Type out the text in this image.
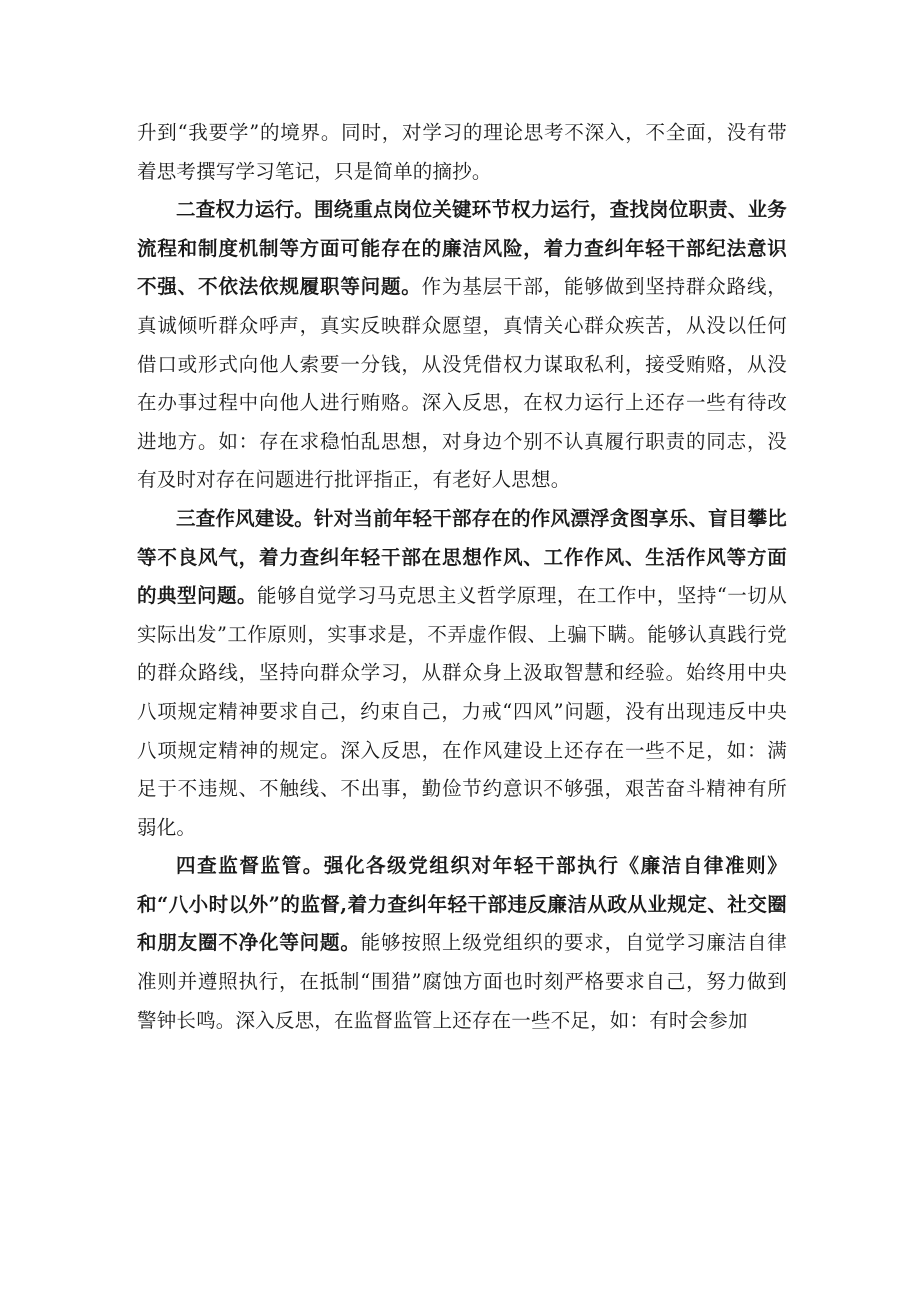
升到“我要学”的境界。同时，对学习的理论思考不深入，不全面，没有带着思考撰写学习笔记，只是简单的摘抄。

二查权力运行。围绕重点岗位关键环节权力运行，查找岗位职责、业务流程和制度机制等方面可能存在的廉洁风险，着力查纠年轻干部纪法意识不强、不依法依规履职等问题。作为基层干部，能够做到坚持群众路线，真诚倾听群众呼声，真实反映群众愿望，真情关心群众疾苦，从没以任何借口或形式向他人索要一分钱，从没凭借权力谋取私利，接受贿赂，从没在办事过程中向他人进行贿赂。深入反思，在权力运行上还存一些有待改进地方。如：存在求稳怕乱思想，对身边个别不认真履行职责的同志，没有及时对存在问题进行批评指正，有老好人思想。

三查作风建设。针对当前年轻干部存在的作风漂浮贪图享乐、盲目攀比等不良风气，着力查纠年轻干部在思想作风、工作作风、生活作风等方面的典型问题。能够自觉学习马克思主义哲学原理，在工作中，坚持“一切从实际出发”工作原则，实事求是，不弄虚作假、上骗下瞒。能够认真践行党的群众路线，坚持向群众学习，从群众身上汲取智慧和经验。始终用中央八项规定精神要求自己，约束自己，力戒“四风”问题，没有出现违反中央八项规定精神的规定。深入反思，在作风建设上还存在一些不足，如：满足于不违规、不触线、不出事，勤俭节约意识不够强，艰苦奋斗精神有所弱化。

四查监督监管。强化各级党组织对年轻干部执行《廉洁自律准则》和“八小时以外”的监督,着力查纠年轻干部违反廉洁从政从业规定、社交圈和朋友圈不净化等问题。能够按照上级党组织的要求，自觉学习廉洁自律准则并遵照执行，在抵制“围猎”腐蚀方面也时刻严格要求自己，努力做到警钟长鸣。深入反思，在监督监管上还存在一些不足，如：有时会参加
